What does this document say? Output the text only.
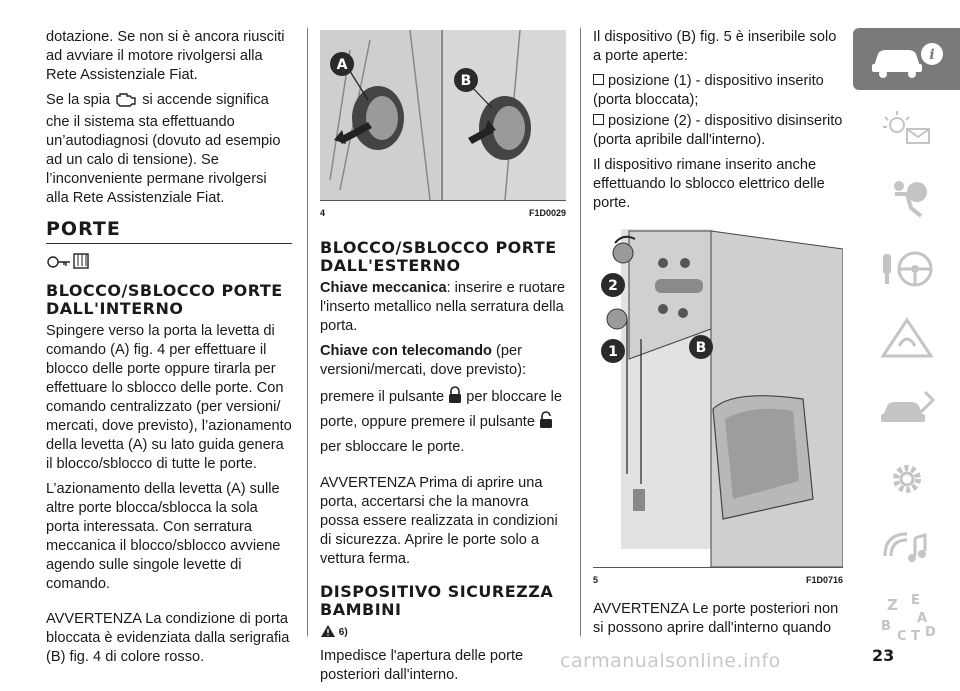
dotazione. Se non si è ancora riusciti ad avviare il motore rivolgersi alla Rete Assistenziale Fiat.

Se la spia si accende significa che il sistema sta effettuando un’autodiagnosi (dovuto ad esempio ad un calo di tensione). Se l’inconveniente permane rivolgersi alla Rete Assistenziale Fiat.

PORTE
BLOCCO/SBLOCCO PORTE DALL'INTERNO

Spingere verso la porta la levetta di comando (A) fig. 4 per effettuare il blocco delle porte oppure tirarla per effettuare lo sblocco delle porte. Con comando centralizzato (per versioni/ mercati, dove previsto), l’azionamento della levetta (A) su lato guida genera il blocco/sblocco di tutte le porte.

L’azionamento della levetta (A) sulle altre porte blocca/sblocca la sola porta interessata. Con serratura meccanica il blocco/sblocco avviene agendo sulle singole levette di comando.

AVVERTENZA La condizione di porta bloccata è evidenziata dalla serigrafia (B) fig. 4 di colore rosso.

A
B
4	F1D0029
BLOCCO/SBLOCCO PORTE DALL'ESTERNO

Chiave meccanica: inserire e ruotare l'inserto metallico nella serratura della porta.

Chiave con telecomando (per versioni/mercati, dove previsto):

premere il pulsante per bloccare le
porte, oppure premere il pulsante
per sbloccare le porte.

AVVERTENZA Prima di aprire una porta, accertarsi che la manovra possa essere realizzata in condizioni di sicurezza. Aprire le porte solo a vettura ferma.

DISPOSITIVO SICUREZZA BAMBINI
6)

Impedisce l'apertura delle porte posteriori dall'interno.

Il dispositivo (B) fig. 5 è inseribile solo a porte aperte:

posizione (1) - dispositivo inserito (porta bloccata);

posizione (2) - dispositivo disinserito (porta apribile dall'interno).

Il dispositivo rimane inserito anche effettuando lo sblocco elettrico delle porte.

2
1	B
5	F1D0716

AVVERTENZA Le porte posteriori non si possono aprire dall'interno quando

i
Z E
A
B
C T D
carmanualsonline.info	23
